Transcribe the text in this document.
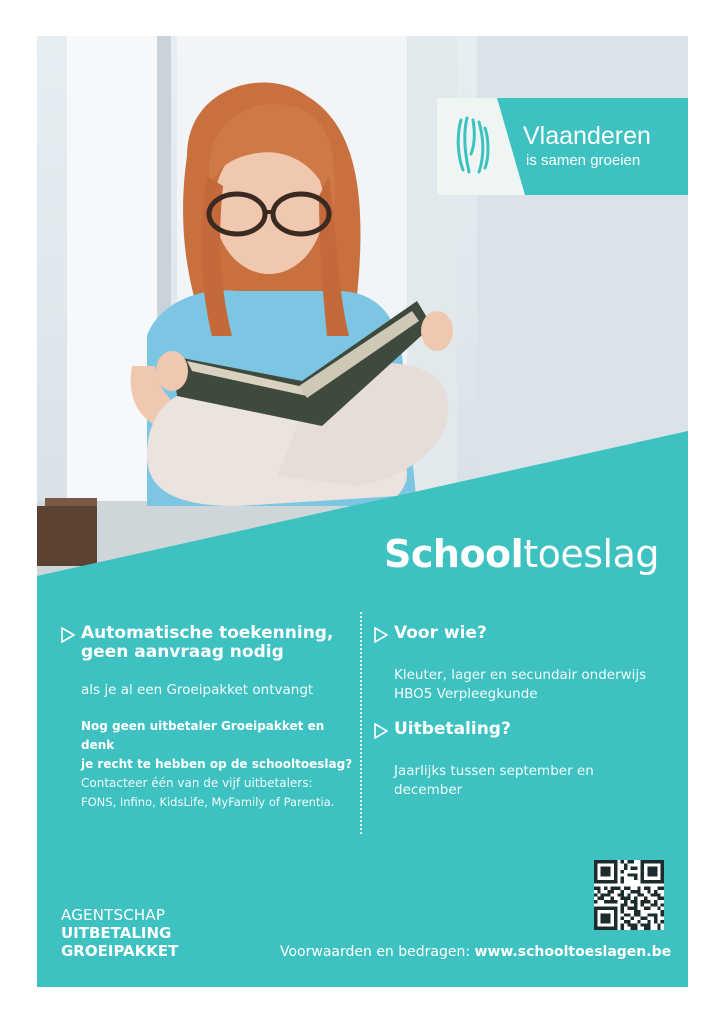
Vlaanderen
is samen groeien
Schooltoeslag
Automatische toekenning,
geen aanvraag nodig
als je al een Groeipakket ontvangt
Nog geen uitbetaler Groeipakket en denk
je recht te hebben op de schooltoeslag?
Contacteer één van de vijf uitbetalers:
FONS, Infino, KidsLife, MyFamily of Parentia.
Voor wie?
Kleuter, lager en secundair onderwijs
HBO5 Verpleegkunde
Uitbetaling?
Jaarlijks tussen september en
december
AGENTSCHAP
UITBETALING
GROEIPAKKET	Voorwaarden en bedragen: www.schooltoeslagen.be
